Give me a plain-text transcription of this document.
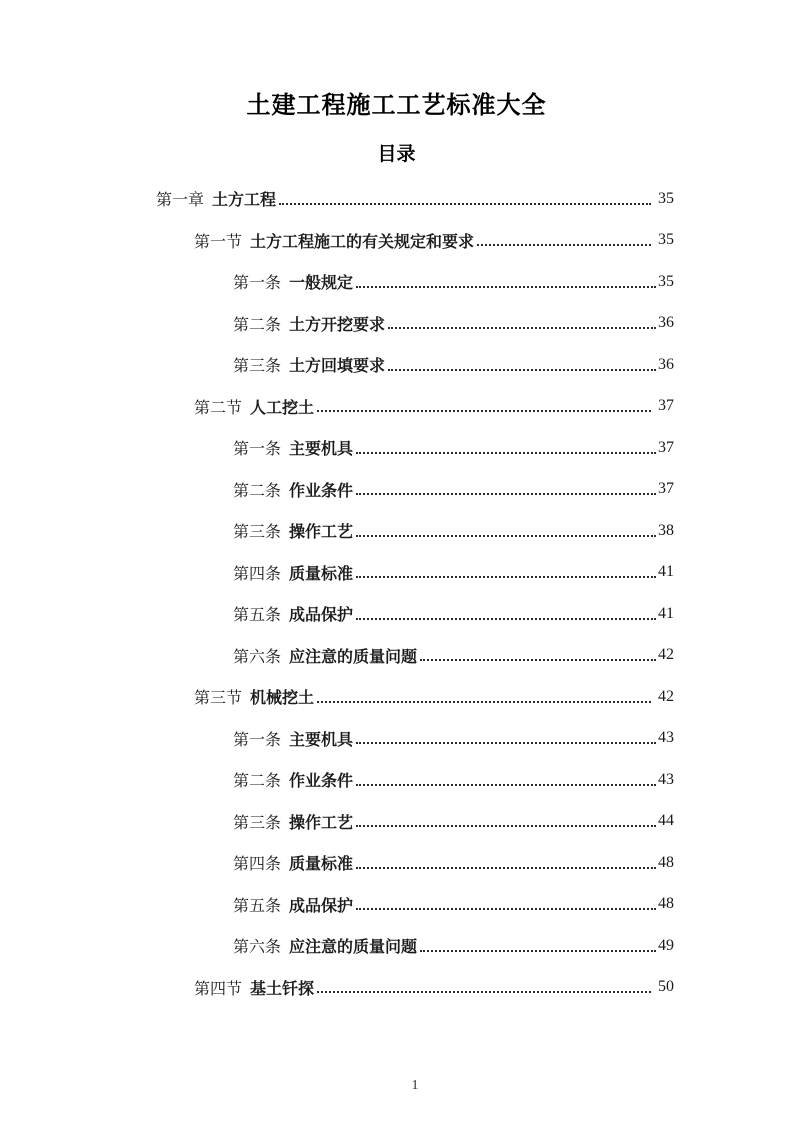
土建工程施工工艺标准大全
目录
第一章 土方工程	35
第一节 土方工程施工的有关规定和要求	35
第一条 一般规定	35
第二条 土方开挖要求	36
第三条 土方回填要求	36
第二节 人工挖土	37
第一条 主要机具	37
第二条 作业条件	37
第三条 操作工艺	38
第四条 质量标准	41
第五条 成品保护	41
第六条 应注意的质量问题	42
第三节 机械挖土	42
第一条 主要机具	43
第二条 作业条件	43
第三条 操作工艺	44
第四条 质量标准	48
第五条 成品保护	48
第六条 应注意的质量问题	49
第四节 基土钎探	50
1
